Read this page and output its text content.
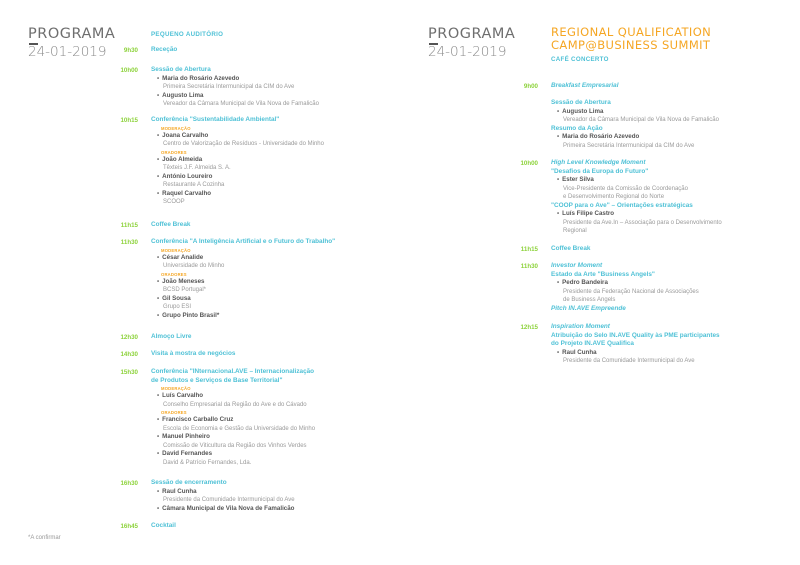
PROGRAMA
24-01-2019
PEQUENO AUDITÓRIO
9h30 Receção
10h00 Sessão de Abertura
• Maria do Rosário Azevedo
Primeira Secretária Intermunicipal da CIM do Ave
• Augusto Lima
Vereador da Câmara Municipal de Vila Nova de Famalicão
10h15 Conferência "Sustentabilidade Ambiental"
MODERAÇÃO
• Joana Carvalho
Centro de Valorização de Resíduos - Universidade do Minho
ORADORES
• João Almeida
Têxteis J.F. Almeida S. A.
• António Loureiro
Restaurante A Cozinha
• Raquel Carvalho
SCOOP
11h15 Coffee Break
11h30 Conferência "A Inteligência Artificial e o Futuro do Trabalho"
MODERAÇÃO
• César Analide
Universidade do Minho
ORADORES
• João Meneses
BCSD Portugal*
• Gil Sousa
Grupo ESI
• Grupo Pinto Brasil*
12h30 Almoço Livre
14h30 Visita à mostra de negócios
15h30 Conferência "INternacional.AVE – Internacionalização
de Produtos e Serviços de Base Territorial"
MODERAÇÃO
• Luís Carvalho
Conselho Empresarial da Região do Ave e do Cávado
ORADORES
• Francisco Carballo Cruz
Escola de Economia e Gestão da Universidade do Minho
• Manuel Pinheiro
Comissão de Viticultura da Região dos Vinhos Verdes
• David Fernandes
David & Patrício Fernandes, Lda.
16h30 Sessão de encerramento
• Raul Cunha
Presidente da Comunidade Intermunicipal do Ave
• Câmara Municipal de Vila Nova de Famalicão
16h45 Cocktail
*A confirmar
PROGRAMA
24-01-2019
REGIONAL QUALIFICATION
CAMP@BUSINESS SUMMIT
CAFÉ CONCERTO
9h00 Breakfast Empresarial
Sessão de Abertura
• Augusto Lima
Vereador da Câmara Municipal de Vila Nova de Famalicão
Resumo da Ação
• Maria do Rosário Azevedo
Primeira Secretária Intermunicipal da CIM do Ave
10h00 High Level Knowledge Moment
"Desafios da Europa do Futuro"
• Ester Silva
Vice-Presidente da Comissão de Coordenação
e Desenvolvimento Regional do Norte
"COOP para o Ave" – Orientações estratégicas
• Luís Filipe Castro
Presidente da Ave.In – Associação para o Desenvolvimento
Regional
11h15 Coffee Break
11h30 Investor Moment
Estado da Arte "Business Angels"
• Pedro Bandeira
Presidente da Federação Nacional de Associações
de Business Angels
Pitch IN.AVE Empreende
12h15 Inspiration Moment
Atribuição do Selo IN.AVE Quality às PME participantes
do Projeto IN.AVE Qualifica
• Raul Cunha
Presidente da Comunidade Intermunicipal do Ave
